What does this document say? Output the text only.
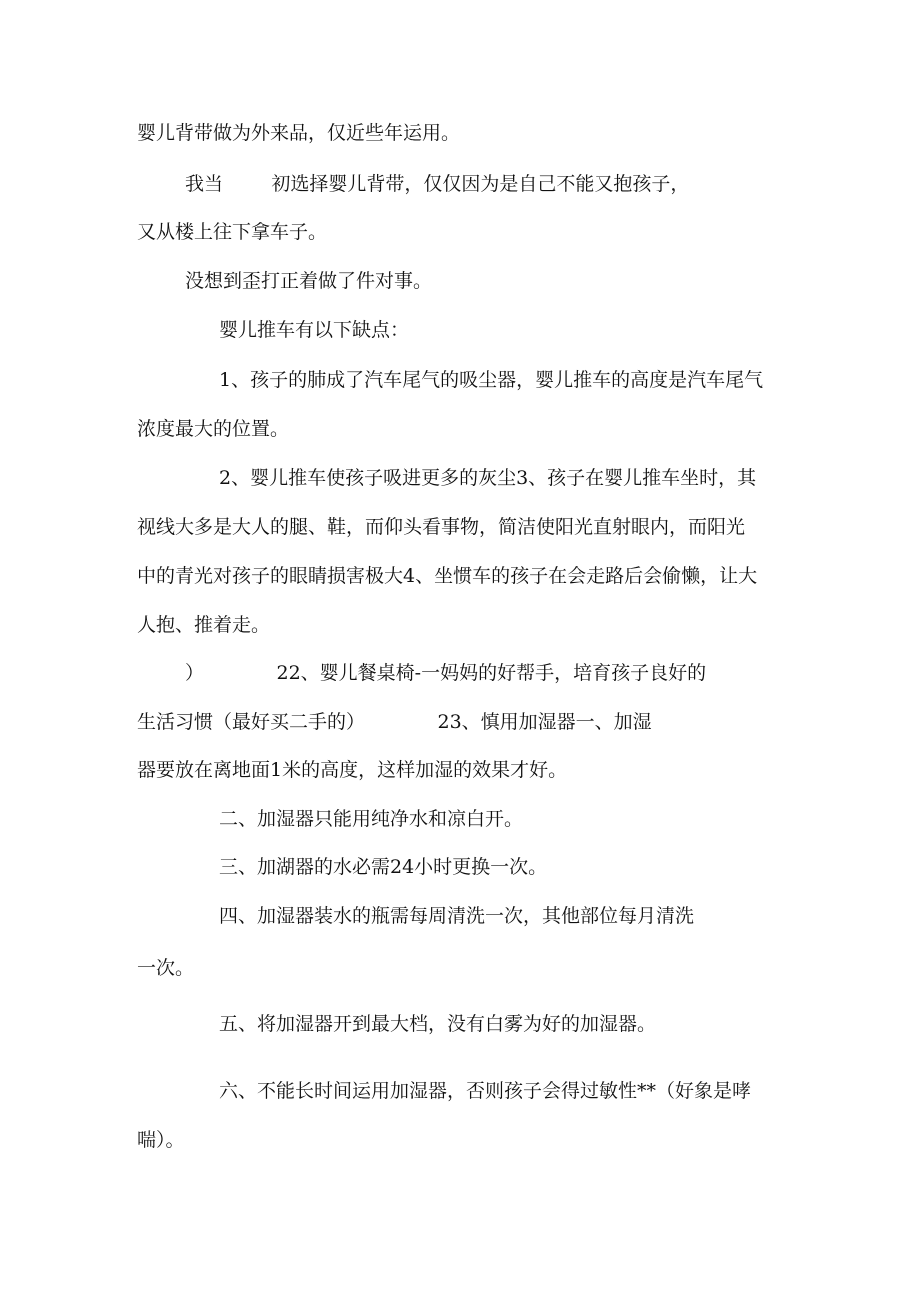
婴儿背带做为外来品，仅近些年运用。
我当        初选择婴儿背带，仅仅因为是自己不能又抱孩子，
又从楼上往下拿车子。
没想到歪打正着做了件对事。
婴儿推车有以下缺点：
1、孩子的肺成了汽车尾气的吸尘器，婴儿推车的高度是汽车尾气
浓度最大的位置。
2、婴儿推车使孩子吸进更多的灰尘3、孩子在婴儿推车坐时，其
视线大多是大人的腿、鞋，而仰头看事物，简洁使阳光直射眼内，而阳光
中的青光对孩子的眼睛损害极大4、坐惯车的孩子在会走路后会偷懒，让大
人抱、推着走。
）            22、婴儿餐桌椅-一妈妈的好帮手，培育孩子良好的
生活习惯（最好买二手的）            23、慎用加湿器一、加湿
器要放在离地面1米的高度，这样加湿的效果才好。
二、加湿器只能用纯净水和凉白开。
三、加湖器的水必需24小时更换一次。
四、加湿器装水的瓶需每周清洗一次，其他部位每月清洗
一次。
五、将加湿器开到最大档，没有白雾为好的加湿器。
六、不能长时间运用加湿器，否则孩子会得过敏性**（好象是哮
喘）。
